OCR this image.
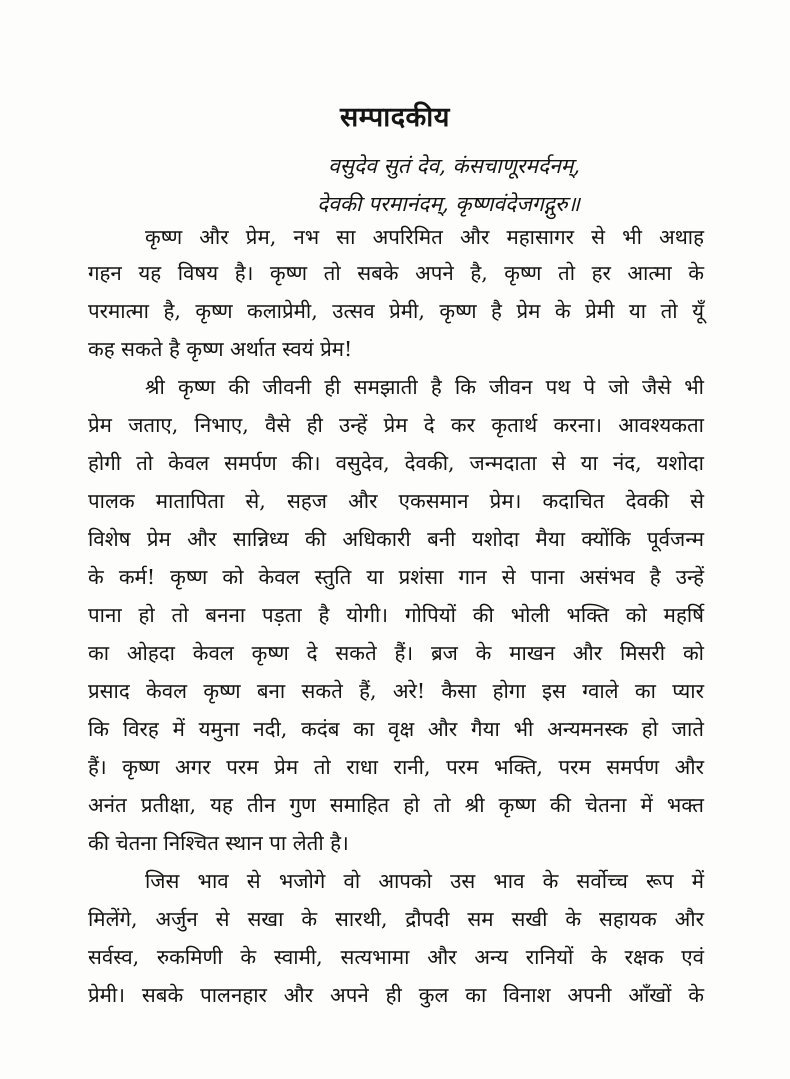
सम्पादकीय
वसुदेव सुतं देव, कंसचाणूरमर्दनम्,
देवकी परमानंदम्, कृष्णवंदेजगद्गुरु॥
कृष्ण और प्रेम, नभ सा अपरिमित और महासागर से भी अथाह
गहन यह विषय है। कृष्ण तो सबके अपने है, कृष्ण तो हर आत्मा के
परमात्मा है, कृष्ण कलाप्रेमी, उत्सव प्रेमी, कृष्ण है प्रेम के प्रेमी या तो यूँ
कह सकते है कृष्ण अर्थात स्वयं प्रेम!
श्री कृष्ण की जीवनी ही समझाती है कि जीवन पथ पे जो जैसे भी
प्रेम जताए, निभाए, वैसे ही उन्हें प्रेम दे कर कृतार्थ करना। आवश्यकता
होगी तो केवल समर्पण की। वसुदेव, देवकी, जन्मदाता से या नंद, यशोदा
पालक मातापिता से, सहज और एकसमान प्रेम। कदाचित देवकी से
विशेष प्रेम और सान्निध्य की अधिकारी बनी यशोदा मैया क्योंकि पूर्वजन्म
के कर्म! कृष्ण को केवल स्तुति या प्रशंसा गान से पाना असंभव है उन्हें
पाना हो तो बनना पड़ता है योगी। गोपियों की भोली भक्ति को महर्षि
का ओहदा केवल कृष्ण दे सकते हैं। ब्रज के माखन और मिसरी को
प्रसाद केवल कृष्ण बना सकते हैं, अरे! कैसा होगा इस ग्वाले का प्यार
कि विरह में यमुना नदी, कदंब का वृक्ष और गैया भी अन्यमनस्क हो जाते
हैं। कृष्ण अगर परम प्रेम तो राधा रानी, परम भक्ति, परम समर्पण और
अनंत प्रतीक्षा, यह तीन गुण समाहित हो तो श्री कृष्ण की चेतना में भक्त
की चेतना निश्चित स्थान पा लेती है।
जिस भाव से भजोगे वो आपको उस भाव के सर्वोच्च रूप में
मिलेंगे, अर्जुन से सखा के सारथी, द्रौपदी सम सखी के सहायक और
सर्वस्व, रुकमिणी के स्वामी, सत्यभामा और अन्य रानियों के रक्षक एवं
प्रेमी। सबके पालनहार और अपने ही कुल का विनाश अपनी आँखों के
